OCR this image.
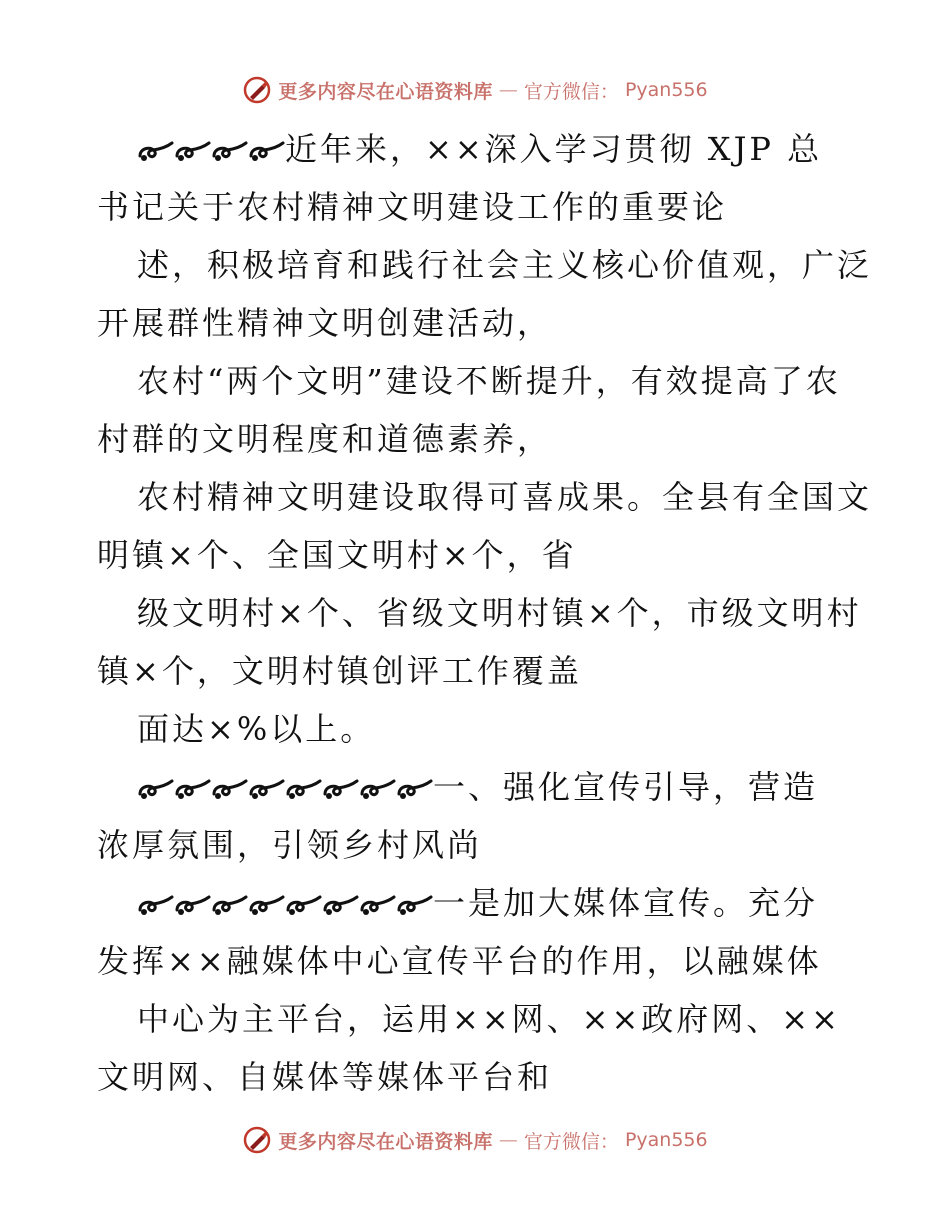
更多内容尽在心语资料库 — 官方微信： Pyan556
近年来，××深入学习贯彻 XJP 总
书记关于农村精神文明建设工作的重要论
述，积极培育和践行社会主义核心价值观，广泛
开展群性精神文明创建活动，
农村“两个文明”建设不断提升，有效提高了农
村群的文明程度和道德素养，
农村精神文明建设取得可喜成果。全县有全国文
明镇×个、全国文明村×个，省
级文明村×个、省级文明村镇×个，市级文明村
镇×个，文明村镇创评工作覆盖
面达×%以上。
一、强化宣传引导，营造
浓厚氛围，引领乡村风尚
一是加大媒体宣传。充分
发挥××融媒体中心宣传平台的作用，以融媒体
中心为主平台，运用××网、××政府网、××
文明网、自媒体等媒体平台和
更多内容尽在心语资料库 — 官方微信： Pyan556
